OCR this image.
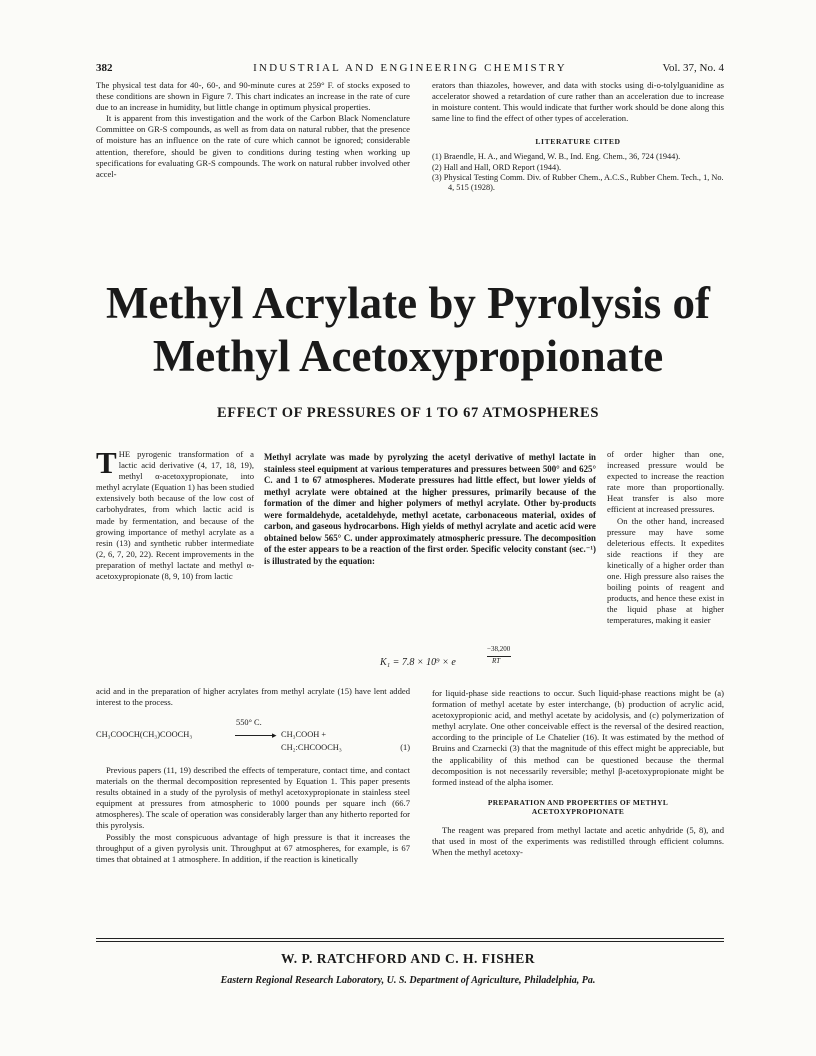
382	INDUSTRIAL AND ENGINEERING CHEMISTRY	Vol. 37, No. 4

The physical test data for 40-, 60-, and 90-minute cures at 259° F. of stocks exposed to these conditions are shown in Figure 7. This chart indicates an increase in the rate of cure due to an increase in humidity, but little change in optimum physical properties.

It is apparent from this investigation and the work of the Carbon Black Nomenclature Committee on GR-S compounds, as well as from data on natural rubber, that the presence of moisture has an influence on the rate of cure which cannot be ignored; considerable attention, therefore, should be given to conditions during testing when working up specifications for evaluating GR-S compounds. The work on natural rubber involved other accel-

erators than thiazoles, however, and data with stocks using di-o-tolylguanidine as accelerator showed a retardation of cure rather than an acceleration due to increase in moisture content. This would indicate that further work should be done along this same line to find the effect of other types of acceleration.

LITERATURE CITED
(1) Braendle, H. A., and Wiegand, W. B., Ind. Eng. Chem., 36, 724 (1944).
(2) Hall and Hall, ORD Report (1944).
(3) Physical Testing Comm. Div. of Rubber Chem., A.C.S., Rubber Chem. Tech., 1, No. 4, 515 (1928).
Methyl Acrylate by Pyrolysis of
Methyl Acetoxypropionate
EFFECT OF PRESSURES OF 1 TO 67 ATMOSPHERES

THE pyrogenic transformation of a lactic acid derivative (4, 17, 18, 19), methyl α-acetoxypropionate, into methyl acrylate (Equation 1) has been studied extensively both because of the low cost of carbohydrates, from which lactic acid is made by fermentation, and because of the growing importance of methyl acrylate as a resin (13) and synthetic rubber intermediate (2, 6, 7, 20, 22). Recent improvements in the preparation of methyl lactate and methyl α-acetoxypropionate (8, 9, 10) from lactic

Methyl acrylate was made by pyrolyzing the acetyl derivative of methyl lactate in stainless steel equipment at various temperatures and pressures between 500° and 625° C. and 1 to 67 atmospheres. Moderate pressures had little effect, but lower yields of methyl acrylate were obtained at the higher pressures, primarily because of the formation of the dimer and higher polymers of methyl acrylate. Other by-products were formaldehyde, acetaldehyde, methyl acetate, carbonaceous material, oxides of carbon, and gaseous hydrocarbons. High yields of methyl acrylate and acetic acid were obtained below 565° C. under approximately atmospheric pressure. The decomposition of the ester appears to be a reaction of the first order. Specific velocity constant (sec.⁻¹) is illustrated by the equation:
K₁ = 7.8 × 10⁹ × e
−38,200
RT

of order higher than one, increased pressure would be expected to increase the reaction rate more than proportionally. Heat transfer is also more efficient at increased pressures.

On the other hand, increased pressure may have some deleterious effects. It expedites side reactions if they are kinetically of a higher order than one. High pressure also raises the boiling points of reagent and products, and hence these exist in the liquid phase at higher temperatures, making it easier

acid and in the preparation of higher acrylates from methyl acrylate (15) have lent added interest to the process.

550° C.
CH₃COOCH(CH₃)COOCH₃	▸ CH₃COOH +
CH₂:CHCOOCH₃	(1)

Previous papers (11, 19) described the effects of temperature, contact time, and contact materials on the thermal decomposition represented by Equation 1. This paper presents results obtained in a study of the pyrolysis of methyl acetoxypropionate in stainless steel equipment at pressures from atmospheric to 1000 pounds per square inch (66.7 atmospheres). The scale of operation was considerably larger than any hitherto reported for this pyrolysis.

Possibly the most conspicuous advantage of high pressure is that it increases the throughput of a given pyrolysis unit. Throughput at 67 atmospheres, for example, is 67 times that obtained at 1 atmosphere. In addition, if the reaction is kinetically

for liquid-phase side reactions to occur. Such liquid-phase reactions might be (a) formation of methyl acetate by ester interchange, (b) production of acrylic acid, acetoxypropionic acid, and methyl acetate by acidolysis, and (c) polymerization of methyl acrylate. One other conceivable effect is the reversal of the desired reaction, according to the principle of Le Chatelier (16). It was estimated by the method of Bruins and Czarnecki (3) that the magnitude of this effect might be appreciable, but the applicability of this method can be questioned because the thermal decomposition is not necessarily reversible; methyl β-acetoxypropionate might be formed instead of the alpha isomer.

PREPARATION AND PROPERTIES OF METHYL
ACETOXYPROPIONATE

The reagent was prepared from methyl lactate and acetic anhydride (5, 8), and that used in most of the experiments was redistilled through efficient columns. When the methyl acetoxy-

W. P. RATCHFORD AND C. H. FISHER
Eastern Regional Research Laboratory, U. S. Department of Agriculture, Philadelphia, Pa.
